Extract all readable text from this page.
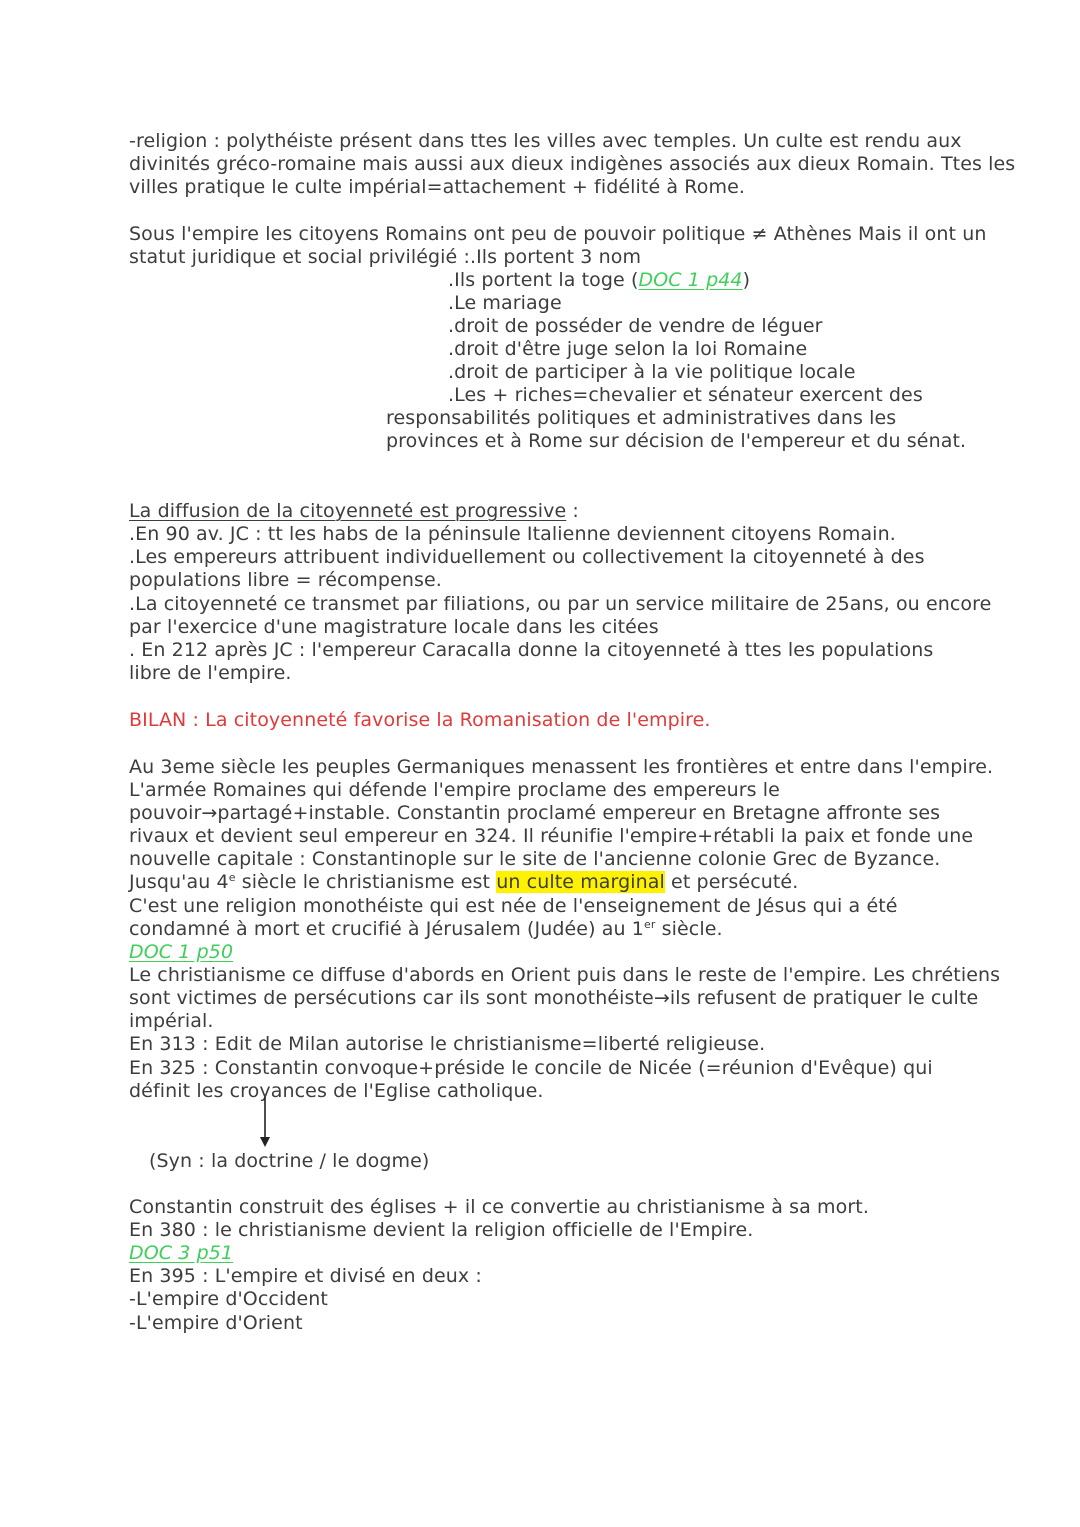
-religion : polythéiste présent dans ttes les villes avec temples. Un culte est rendu aux
divinités gréco-romaine mais aussi aux dieux indigènes associés aux dieux Romain. Ttes les
villes pratique le culte impérial=attachement + fidélité à Rome.
Sous l'empire les citoyens Romains ont peu de pouvoir politique ≠ Athènes Mais il ont un
statut juridique et social privilégié :.Ils portent 3 nom
.Ils portent la toge (DOC 1 p44)
.Le mariage
.droit de posséder de vendre de léguer
.droit d'être juge selon la loi Romaine
.droit de participer à la vie politique locale
.Les + riches=chevalier et sénateur exercent des
responsabilités politiques et administratives dans les
provinces et à Rome sur décision de l'empereur et du sénat.
La diffusion de la citoyenneté est progressive :
.En 90 av. JC : tt les habs de la péninsule Italienne deviennent citoyens Romain.
.Les empereurs attribuent individuellement ou collectivement la citoyenneté à des
populations libre = récompense.
.La citoyenneté ce transmet par filiations, ou par un service militaire de 25ans, ou encore
par l'exercice d'une magistrature locale dans les citées
. En 212 après JC : l'empereur Caracalla donne la citoyenneté à ttes les populations
libre de l'empire.
BILAN : La citoyenneté favorise la Romanisation de l'empire.
Au 3eme siècle les peuples Germaniques menassent les frontières et entre dans l'empire.
L'armée Romaines qui défende l'empire proclame des empereurs le
pouvoir→partagé+instable. Constantin proclamé empereur en Bretagne affronte ses
rivaux et devient seul empereur en 324. Il réunifie l'empire+rétabli la paix et fonde une
nouvelle capitale : Constantinople sur le site de l'ancienne colonie Grec de Byzance.
Jusqu'au 4e siècle le christianisme est un culte marginal et persécuté.
C'est une religion monothéiste qui est née de l'enseignement de Jésus qui a été
condamné à mort et crucifié à Jérusalem (Judée) au 1er siècle.
DOC 1 p50
Le christianisme ce diffuse d'abords en Orient puis dans le reste de l'empire. Les chrétiens
sont victimes de persécutions car ils sont monothéiste→ils refusent de pratiquer le culte
impérial.
En 313 : Edit de Milan autorise le christianisme=liberté religieuse.
En 325 : Constantin convoque+préside le concile de Nicée (=réunion d'Evêque) qui
définit les croyances de l'Eglise catholique.
(Syn : la doctrine / le dogme)
Constantin construit des églises + il ce convertie au christianisme à sa mort.
En 380 : le christianisme devient la religion officielle de l'Empire.
DOC 3 p51
En 395 : L'empire et divisé en deux :
-L'empire d'Occident
-L'empire d'Orient
